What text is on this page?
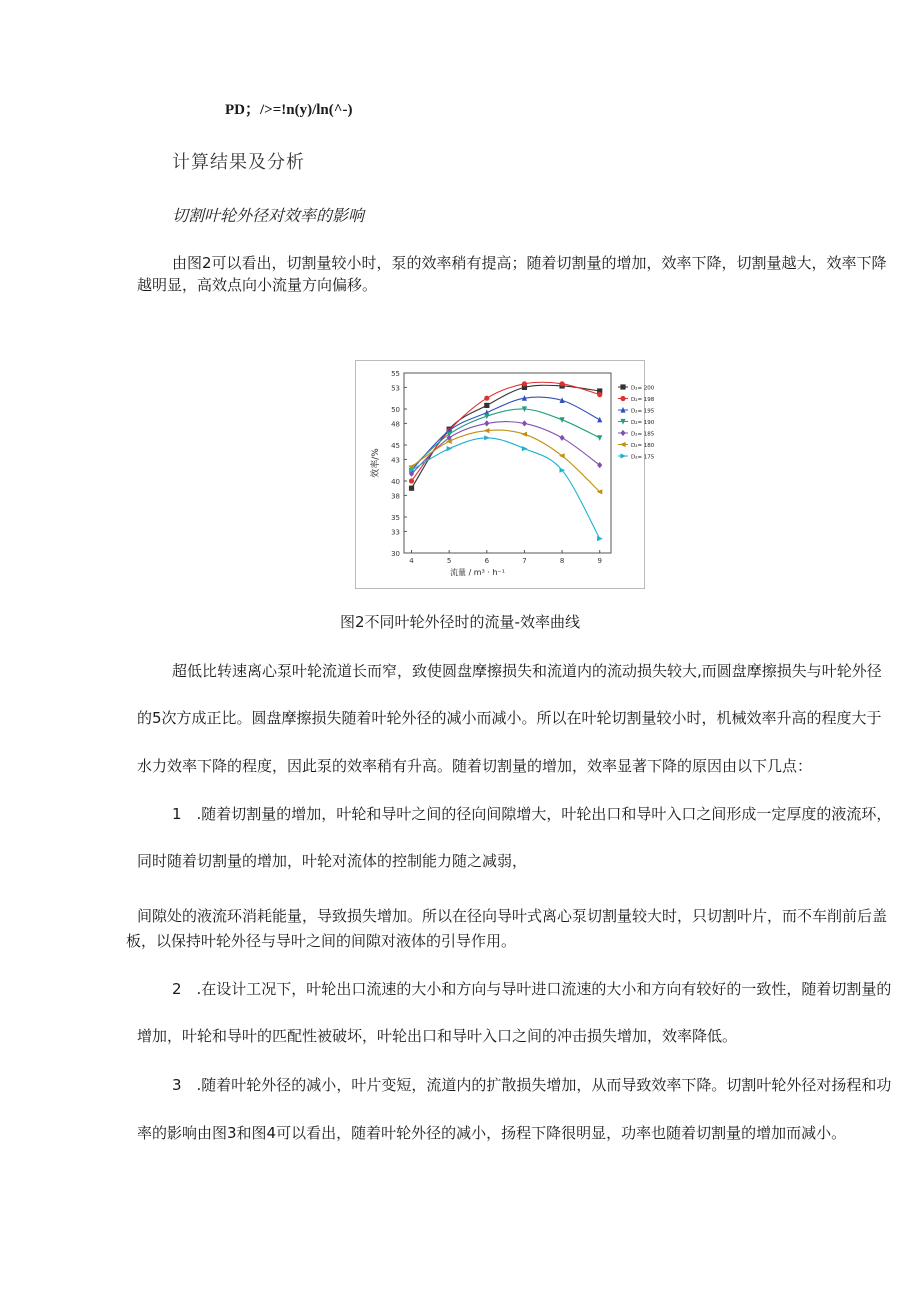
PD；/>=!n(y)/ln(^-)
计算结果及分析
切割叶轮外径对效率的影响
由图2可以看出，切割量较小时，泵的效率稍有提高；随着切割量的增加，效率下降，切割量越大，效率下降
越明显，高效点向小流量方向偏移。
30
33
35
38
40
43
45
48
50
53
55
4	5	6	7	8	9
流量 / m³ · h⁻¹
效率/%
D₂= 200
D₂= 198
D₂= 195
D₂= 190
D₂= 185
D₂= 180
D₂= 175
图2不同叶轮外径时的流量-效率曲线
超低比转速离心泵叶轮流道长而窄，致使圆盘摩擦损失和流道内的流动损失较大,而圆盘摩擦损失与叶轮外径
的5次方成正比。圆盘摩擦损失随着叶轮外径的减小而减小。所以在叶轮切割量较小时，机械效率升高的程度大于
水力效率下降的程度，因此泵的效率稍有升高。随着切割量的增加，效率显著下降的原因由以下几点：
1　.随着切割量的增加，叶轮和导叶之间的径向间隙增大，叶轮出口和导叶入口之间形成一定厚度的液流环，
同时随着切割量的增加，叶轮对流体的控制能力随之减弱，
间隙处的液流环消耗能量，导致损失增加。所以在径向导叶式离心泵切割量较大时，只切割叶片，而不车削前后盖
板，以保持叶轮外径与导叶之间的间隙对液体的引导作用。
2　.在设计工况下，叶轮出口流速的大小和方向与导叶进口流速的大小和方向有较好的一致性，随着切割量的
增加，叶轮和导叶的匹配性被破坏，叶轮出口和导叶入口之间的冲击损失增加，效率降低。
3　.随着叶轮外径的减小，叶片变短，流道内的扩散损失增加，从而导致效率下降。切割叶轮外径对扬程和功
率的影响由图3和图4可以看出，随着叶轮外径的减小，扬程下降很明显，功率也随着切割量的增加而减小。
